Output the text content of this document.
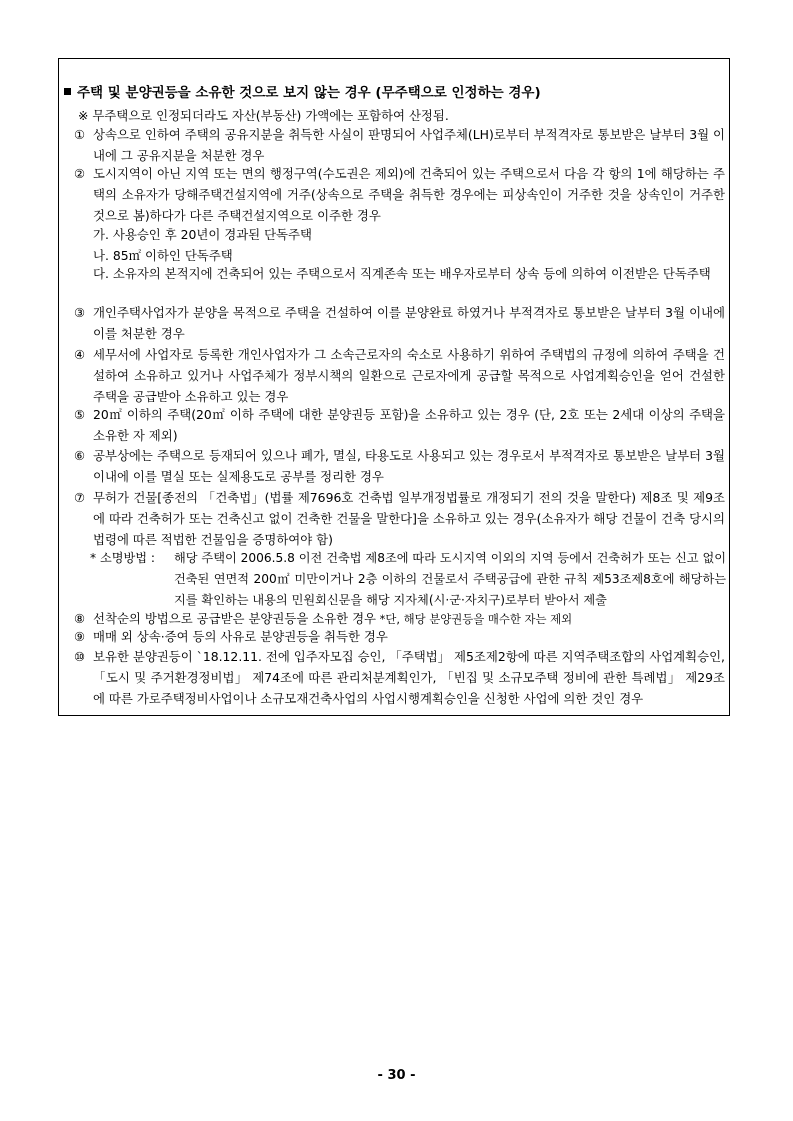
주택 및 분양권등을 소유한 것으로 보지 않는 경우 (무주택으로 인정하는 경우)
※ 무주택으로 인정되더라도 자산(부동산) 가액에는 포함하여 산정됨.
① 상속으로 인하여 주택의 공유지분을 취득한 사실이 판명되어 사업주체(LH)로부터 부적격자로 통보받은 날부터 3월 이내에 그 공유지분을 처분한 경우
② 도시지역이 아닌 지역 또는 면의 행정구역(수도권은 제외)에 건축되어 있는 주택으로서 다음 각 항의 1에 해당하는 주택의 소유자가 당해주택건설지역에 거주(상속으로 주택을 취득한 경우에는 피상속인이 거주한 것을 상속인이 거주한 것으로 봄)하다가 다른 주택건설지역으로 이주한 경우
가. 사용승인 후 20년이 경과된 단독주택
나. 85㎡ 이하인 단독주택
다. 소유자의 본적지에 건축되어 있는 주택으로서 직계존속 또는 배우자로부터 상속 등에 의하여 이전받은 단독주택
③ 개인주택사업자가 분양을 목적으로 주택을 건설하여 이를 분양완료 하였거나 부적격자로 통보받은 날부터 3월 이내에 이를 처분한 경우
④ 세무서에 사업자로 등록한 개인사업자가 그 소속근로자의 숙소로 사용하기 위하여 주택법의 규정에 의하여 주택을 건설하여 소유하고 있거나 사업주체가 정부시책의 일환으로 근로자에게 공급할 목적으로 사업계획승인을 얻어 건설한 주택을 공급받아 소유하고 있는 경우
⑤ 20㎡ 이하의 주택(20㎡ 이하 주택에 대한 분양권등 포함)을 소유하고 있는 경우 (단, 2호 또는 2세대 이상의 주택을 소유한 자 제외)
⑥ 공부상에는 주택으로 등재되어 있으나 폐가, 멸실, 타용도로 사용되고 있는 경우로서 부적격자로 통보받은 날부터 3월 이내에 이를 멸실 또는 실제용도로 공부를 정리한 경우
⑦ 무허가 건물[종전의 「건축법」(법률 제7696호 건축법 일부개정법률로 개정되기 전의 것을 말한다) 제8조 및 제9조에 따라 건축허가 또는 건축신고 없이 건축한 건물을 말한다]을 소유하고 있는 경우(소유자가 해당 건물이 건축 당시의 법령에 따른 적법한 건물임을 증명하여야 함)
* 소명방법 :	해당 주택이 2006.5.8 이전 건축법 제8조에 따라 도시지역 이외의 지역 등에서 건축허가 또는 신고 없이 건축된 연면적 200㎡ 미만이거나 2층 이하의 건물로서 주택공급에 관한 규칙 제53조제8호에 해당하는지를 확인하는 내용의 민원회신문을 해당 지자체(시·군·자치구)로부터 받아서 제출
⑧ 선착순의 방법으로 공급받은 분양권등을 소유한 경우 *단, 해당 분양권등을 매수한 자는 제외
⑨ 매매 외 상속·증여 등의 사유로 분양권등을 취득한 경우
⑩ 보유한 분양권등이 `18.12.11. 전에 입주자모집 승인, 「주택법」 제5조제2항에 따른 지역주택조합의 사업계획승인, 「도시 및 주거환경정비법」 제74조에 따른 관리처분계획인가, 「빈집 및 소규모주택 정비에 관한 특례법」 제29조에 따른 가로주택정비사업이나 소규모재건축사업의 사업시행계획승인을 신청한 사업에 의한 것인 경우
- 30 -
